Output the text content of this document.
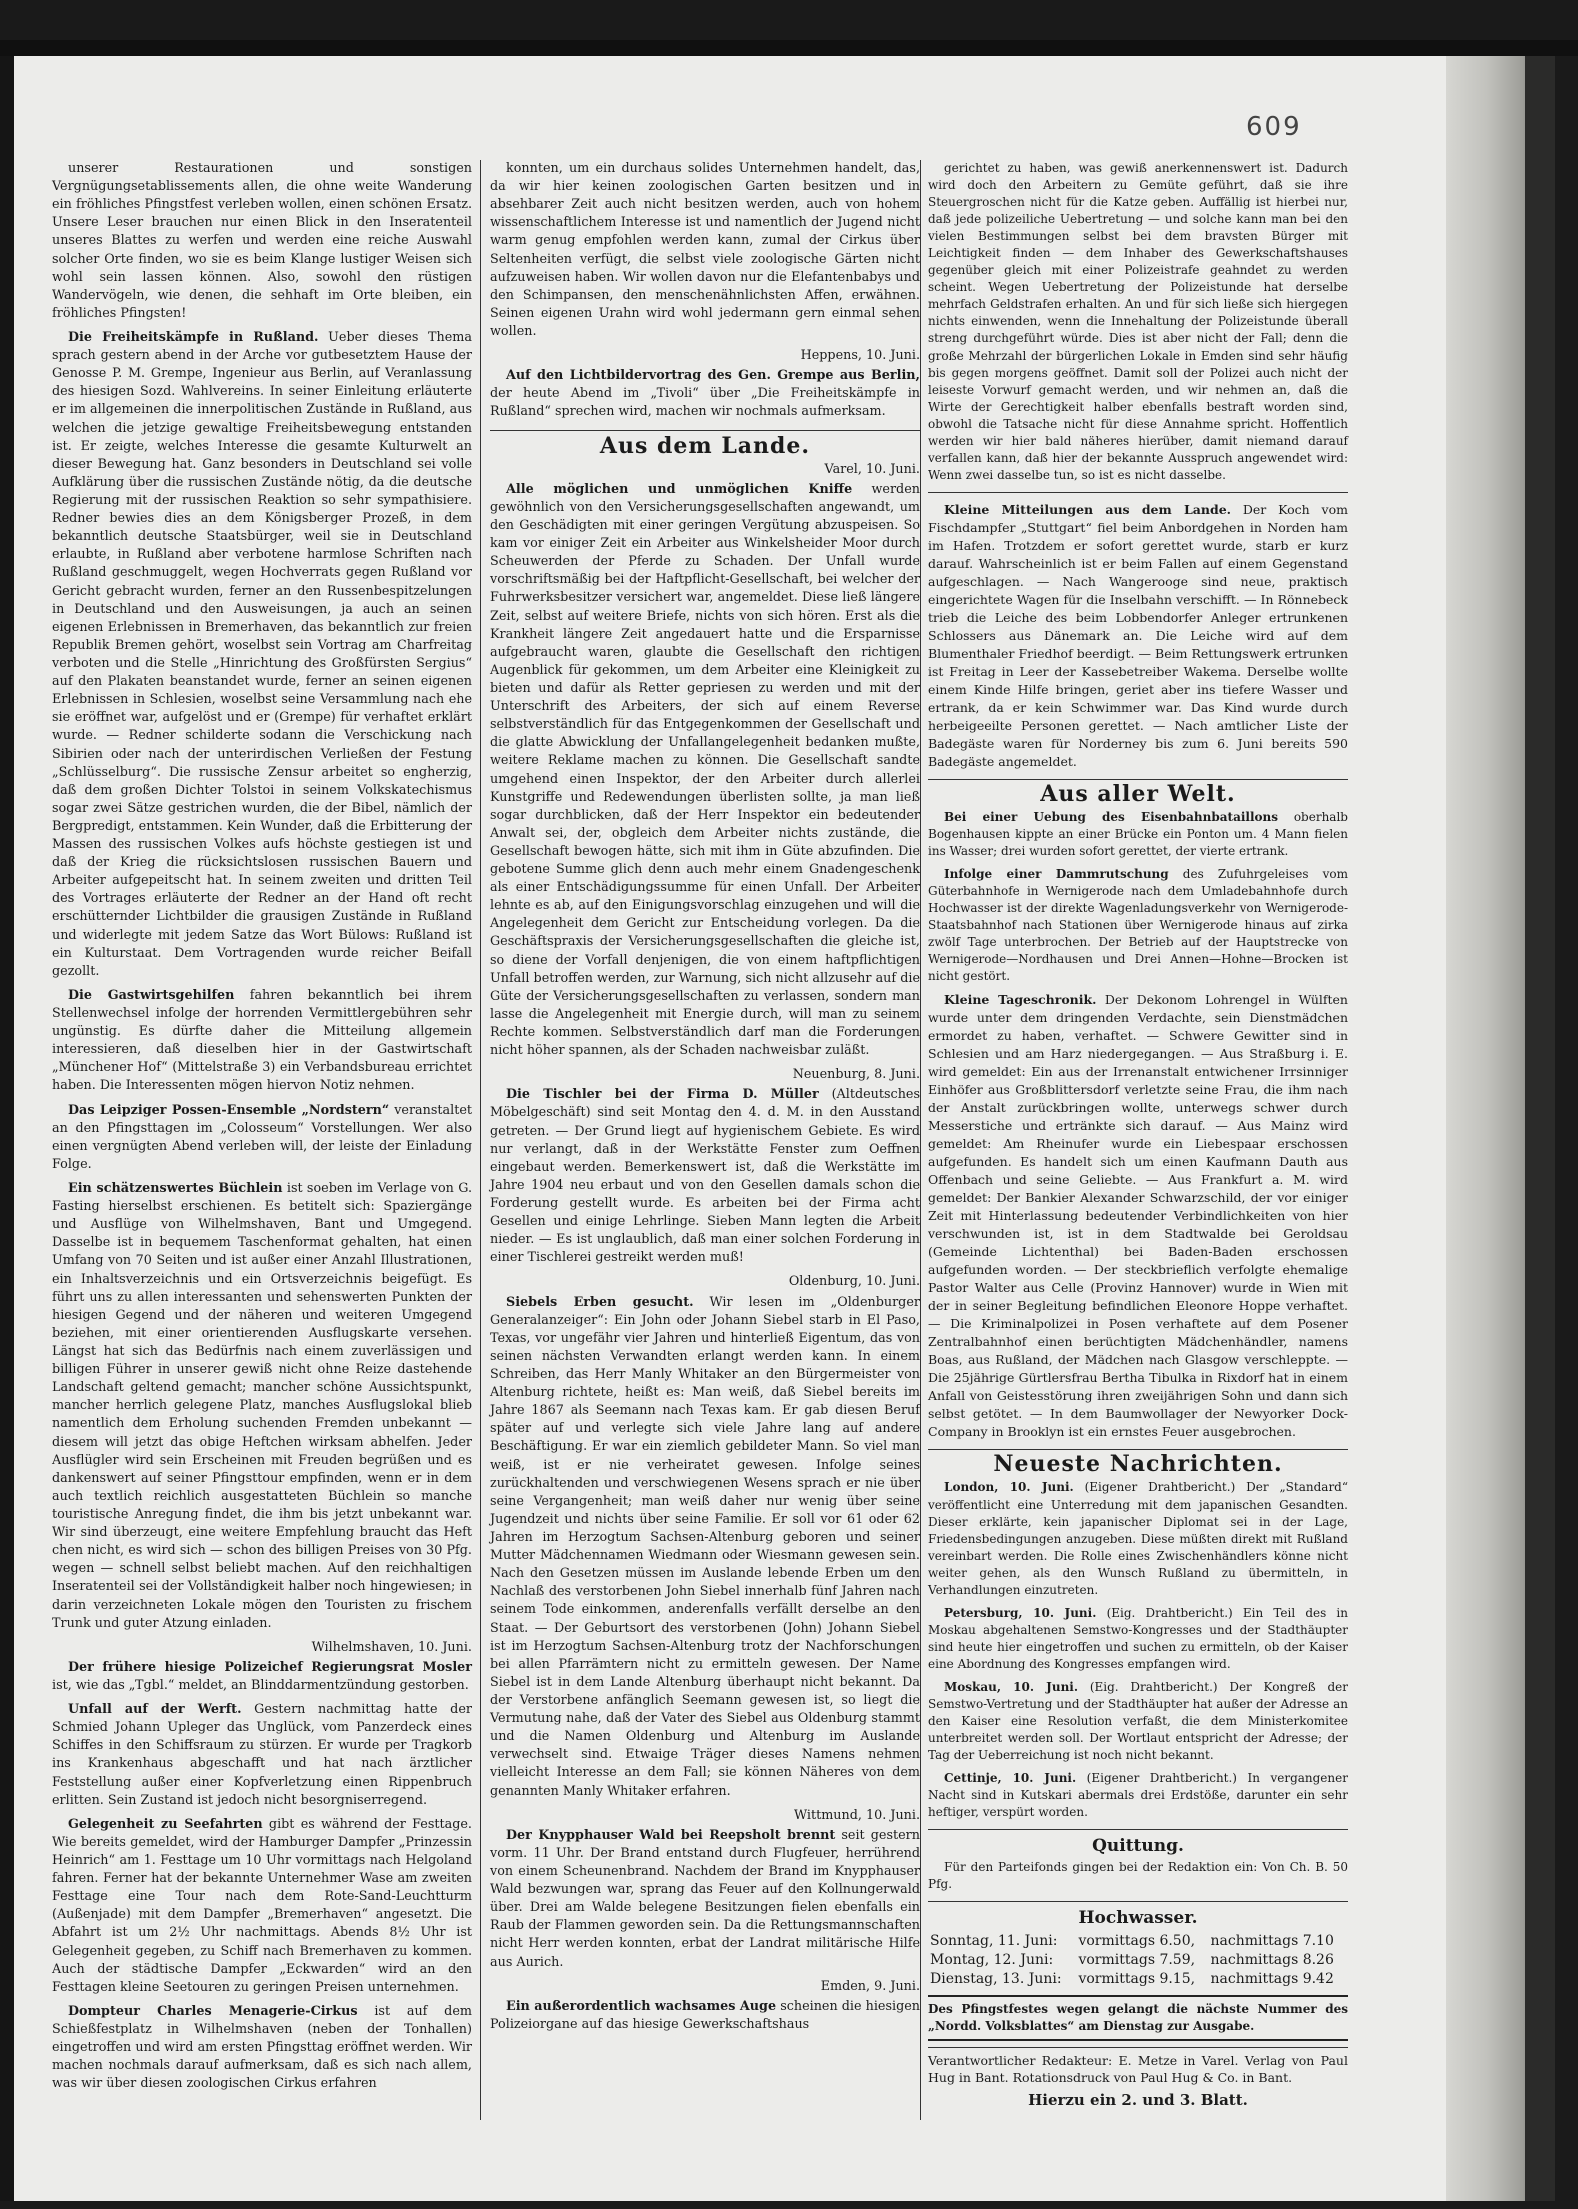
609

unserer Restaurationen und sonstigen Vergnügungsetablissements allen, die ohne weite Wanderung ein fröhliches Pfingstfest verleben wollen, einen schönen Ersatz. Unsere Leser brauchen nur einen Blick in den Inseratenteil unseres Blattes zu werfen und werden eine reiche Auswahl solcher Orte finden, wo sie es beim Klange lustiger Weisen sich wohl sein lassen können. Also, sowohl den rüstigen Wandervögeln, wie denen, die sehhaft im Orte bleiben, ein fröhliches Pfingsten!

Die Freiheitskämpfe in Rußland. Ueber dieses Thema sprach gestern abend in der Arche vor gutbesetztem Hause der Genosse P. M. Grempe, Ingenieur aus Berlin, auf Veranlassung des hiesigen Sozd. Wahlvereins. In seiner Einleitung erläuterte er im allgemeinen die innerpolitischen Zustände in Rußland, aus welchen die jetzige gewaltige Freiheitsbewegung entstanden ist. Er zeigte, welches Interesse die gesamte Kulturwelt an dieser Bewegung hat. Ganz besonders in Deutschland sei volle Aufklärung über die russischen Zustände nötig, da die deutsche Regierung mit der russischen Reaktion so sehr sympathisiere. Redner bewies dies an dem Königsberger Prozeß, in dem bekanntlich deutsche Staatsbürger, weil sie in Deutschland erlaubte, in Rußland aber verbotene harmlose Schriften nach Rußland geschmuggelt, wegen Hochverrats gegen Rußland vor Gericht gebracht wurden, ferner an den Russenbespitzelungen in Deutschland und den Ausweisungen, ja auch an seinen eigenen Erlebnissen in Bremerhaven, das bekanntlich zur freien Republik Bremen gehört, woselbst sein Vortrag am Charfreitag verboten und die Stelle „Hinrichtung des Großfürsten Sergius“ auf den Plakaten beanstandet wurde, ferner an seinen eigenen Erlebnissen in Schlesien, woselbst seine Versammlung nach ehe sie eröffnet war, aufgelöst und er (Grempe) für verhaftet erklärt wurde. — Redner schilderte sodann die Verschickung nach Sibirien oder nach der unterirdischen Verließen der Festung „Schlüsselburg“. Die russische Zensur arbeitet so engherzig, daß dem großen Dichter Tolstoi in seinem Volkskatechismus sogar zwei Sätze gestrichen wurden, die der Bibel, nämlich der Bergpredigt, entstammen. Kein Wunder, daß die Erbitterung der Massen des russischen Volkes aufs höchste gestiegen ist und daß der Krieg die rücksichtslosen russischen Bauern und Arbeiter aufgepeitscht hat. In seinem zweiten und dritten Teil des Vortrages erläuterte der Redner an der Hand oft recht erschütternder Lichtbilder die grausigen Zustände in Rußland und widerlegte mit jedem Satze das Wort Bülows: Rußland ist ein Kulturstaat. Dem Vortragenden wurde reicher Beifall gezollt.

Die Gastwirtsgehilfen fahren bekanntlich bei ihrem Stellenwechsel infolge der horrenden Vermittlergebühren sehr ungünstig. Es dürfte daher die Mitteilung allgemein interessieren, daß dieselben hier in der Gastwirtschaft „Münchener Hof“ (Mittelstraße 3) ein Verbandsbureau errichtet haben. Die Interessenten mögen hiervon Notiz nehmen.

Das Leipziger Possen-Ensemble „Nordstern“ veranstaltet an den Pfingsttagen im „Colosseum“ Vorstellungen. Wer also einen vergnügten Abend verleben will, der leiste der Einladung Folge.

Ein schätzenswertes Büchlein ist soeben im Verlage von G. Fasting hierselbst erschienen. Es betitelt sich: Spaziergänge und Ausflüge von Wilhelmshaven, Bant und Umgegend. Dasselbe ist in bequemem Taschenformat gehalten, hat einen Umfang von 70 Seiten und ist außer einer Anzahl Illustrationen, ein Inhaltsverzeichnis und ein Ortsverzeichnis beigefügt. Es führt uns zu allen interessanten und sehenswerten Punkten der hiesigen Gegend und der näheren und weiteren Umgegend beziehen, mit einer orientierenden Ausflugskarte versehen. Längst hat sich das Bedürfnis nach einem zuverlässigen und billigen Führer in unserer gewiß nicht ohne Reize dastehende Landschaft geltend gemacht; mancher schöne Aussichtspunkt, mancher herrlich gelegene Platz, manches Ausflugslokal blieb namentlich dem Erholung suchenden Fremden unbekannt — diesem will jetzt das obige Heftchen wirksam abhelfen. Jeder Ausflügler wird sein Erscheinen mit Freuden begrüßen und es dankenswert auf seiner Pfingsttour empfinden, wenn er in dem auch textlich reichlich ausgestatteten Büchlein so manche touristische Anregung findet, die ihm bis jetzt unbekannt war. Wir sind überzeugt, eine weitere Empfehlung braucht das Heft chen nicht, es wird sich — schon des billigen Preises von 30 Pfg. wegen — schnell selbst beliebt machen. Auf den reichhaltigen Inseratenteil sei der Vollständigkeit halber noch hingewiesen; in darin verzeichneten Lokale mögen den Touristen zu frischem Trunk und guter Atzung einladen.

Wilhelmshaven, 10. Juni.

Der frühere hiesige Polizeichef Regierungsrat Mosler ist, wie das „Tgbl.“ meldet, an Blinddarmentzündung gestorben.

Unfall auf der Werft. Gestern nachmittag hatte der Schmied Johann Upleger das Unglück, vom Panzerdeck eines Schiffes in den Schiffsraum zu stürzen. Er wurde per Tragkorb ins Krankenhaus abgeschafft und hat nach ärztlicher Feststellung außer einer Kopfverletzung einen Rippenbruch erlitten. Sein Zustand ist jedoch nicht besorgniserregend.

Gelegenheit zu Seefahrten gibt es während der Festtage. Wie bereits gemeldet, wird der Hamburger Dampfer „Prinzessin Heinrich“ am 1. Festtage um 10 Uhr vormittags nach Helgoland fahren. Ferner hat der bekannte Unternehmer Wase am zweiten Festtage eine Tour nach dem Rote-Sand-Leuchtturm (Außenjade) mit dem Dampfer „Bremerhaven“ angesetzt. Die Abfahrt ist um 2½ Uhr nachmittags. Abends 8½ Uhr ist Gelegenheit gegeben, zu Schiff nach Bremerhaven zu kommen. Auch der städtische Dampfer „Eckwarden“ wird an den Festtagen kleine Seetouren zu geringen Preisen unternehmen.

Dompteur Charles Menagerie-Cirkus ist auf dem Schießfestplatz in Wilhelmshaven (neben der Tonhallen) eingetroffen und wird am ersten Pfingsttag eröffnet werden. Wir machen nochmals darauf aufmerksam, daß es sich nach allem, was wir über diesen zoologischen Cirkus erfahren

konnten, um ein durchaus solides Unternehmen handelt, das, da wir hier keinen zoologischen Garten besitzen und in absehbarer Zeit auch nicht besitzen werden, auch von hohem wissenschaftlichem Interesse ist und namentlich der Jugend nicht warm genug empfohlen werden kann, zumal der Cirkus über Seltenheiten verfügt, die selbst viele zoologische Gärten nicht aufzuweisen haben. Wir wollen davon nur die Elefantenbabys und den Schimpansen, den menschenähnlichsten Affen, erwähnen. Seinen eigenen Urahn wird wohl jedermann gern einmal sehen wollen.

Heppens, 10. Juni.

Auf den Lichtbildervortrag des Gen. Grempe aus Berlin, der heute Abend im „Tivoli“ über „Die Freiheitskämpfe in Rußland“ sprechen wird, machen wir nochmals aufmerksam.

Aus dem Lande.

Varel, 10. Juni.

Alle möglichen und unmöglichen Kniffe werden gewöhnlich von den Versicherungsgesellschaften angewandt, um den Geschädigten mit einer geringen Vergütung abzuspeisen. So kam vor einiger Zeit ein Arbeiter aus Winkelsheider Moor durch Scheuwerden der Pferde zu Schaden. Der Unfall wurde vorschriftsmäßig bei der Haftpflicht-Gesellschaft, bei welcher der Fuhrwerksbesitzer versichert war, angemeldet. Diese ließ längere Zeit, selbst auf weitere Briefe, nichts von sich hören. Erst als die Krankheit längere Zeit angedauert hatte und die Ersparnisse aufgebraucht waren, glaubte die Gesellschaft den richtigen Augenblick für gekommen, um dem Arbeiter eine Kleinigkeit zu bieten und dafür als Retter gepriesen zu werden und mit der Unterschrift des Arbeiters, der sich auf einem Reverse selbstverständlich für das Entgegenkommen der Gesellschaft und die glatte Abwicklung der Unfallangelegenheit bedanken mußte, weitere Reklame machen zu können. Die Gesellschaft sandte umgehend einen Inspektor, der den Arbeiter durch allerlei Kunstgriffe und Redewendungen überlisten sollte, ja man ließ sogar durchblicken, daß der Herr Inspektor ein bedeutender Anwalt sei, der, obgleich dem Arbeiter nichts zuständе, die Gesellschaft bewogen hätte, sich mit ihm in Güte abzufinden. Die gebotene Summe glich denn auch mehr einem Gnadengeschenk als einer Entschädigungssumme für einen Unfall. Der Arbeiter lehnte es ab, auf den Einigungsvorschlag einzugehen und will die Angelegenheit dem Gericht zur Entscheidung vorlegen. Da die Geschäftspraxis der Versicherungsgesellschaften die gleiche ist, so diene der Vorfall denjenigen, die von einem haftpflichtigen Unfall betroffen werden, zur Warnung, sich nicht allzusehr auf die Güte der Versicherungsgesellschaften zu verlassen, sondern man lasse die Angelegenheit mit Energie durch, will man zu seinem Rechte kommen. Selbstverständlich darf man die Forderungen nicht höher spannen, als der Schaden nachweisbar zuläßt.

Neuenburg, 8. Juni.

Die Tischler bei der Firma D. Müller (Altdeutsches Möbelgeschäft) sind seit Montag den 4. d. M. in den Ausstand getreten. — Der Grund liegt auf hygienischem Gebiete. Es wird nur verlangt, daß in der Werkstätte Fenster zum Oeffnen eingebaut werden. Bemerkenswert ist, daß die Werkstätte im Jahre 1904 neu erbaut und von den Gesellen damals schon die Forderung gestellt wurde. Es arbeiten bei der Firma acht Gesellen und einige Lehrlinge. Sieben Mann legten die Arbeit nieder. — Es ist unglaublich, daß man einer solchen Forderung in einer Tischlerei gestreikt werden muß!

Oldenburg, 10. Juni.

Siebels Erben gesucht. Wir lesen im „Oldenburger Generalanzeiger“: Ein John oder Johann Siebel starb in El Paso, Texas, vor ungefähr vier Jahren und hinterließ Eigentum, das von seinen nächsten Verwandten erlangt werden kann. In einem Schreiben, das Herr Manly Whitaker an den Bürgermeister von Altenburg richtete, heißt es: Man weiß, daß Siebel bereits im Jahre 1867 als Seemann nach Texas kam. Er gab diesen Beruf später auf und verlegte sich viele Jahre lang auf andere Beschäftigung. Er war ein ziemlich gebildeter Mann. So viel man weiß, ist er nie verheiratet gewesen. Infolge seines zurückhaltenden und verschwiegenen Wesens sprach er nie über seine Vergangenheit; man weiß daher nur wenig über seine Jugendzeit und nichts über seine Familie. Er soll vor 61 oder 62 Jahren im Herzogtum Sachsen-Altenburg geboren und seiner Mutter Mädchennamen Wiedmann oder Wiesmann gewesen sein. Nach den Gesetzen müssen im Auslande lebende Erben um den Nachlaß des verstorbenen John Siebel innerhalb fünf Jahren nach seinem Tode einkommen, anderenfalls verfällt derselbe an den Staat. — Der Geburtsort des verstorbenen (John) Johann Siebel ist im Herzogtum Sachsen-Altenburg trotz der Nachforschungen bei allen Pfarrämtern nicht zu ermitteln gewesen. Der Name Siebel ist in dem Lande Altenburg überhaupt nicht bekannt. Da der Verstorbene anfänglich Seemann gewesen ist, so liegt die Vermutung nahe, daß der Vater des Siebel aus Oldenburg stammt und die Namen Oldenburg und Altenburg im Auslande verwechselt sind. Etwaige Träger dieses Namens nehmen vielleicht Interesse an dem Fall; sie können Näheres von dem genannten Manly Whitaker erfahren.

Wittmund, 10. Juni.

Der Knypphauser Wald bei Reepsholt brennt seit gestern vorm. 11 Uhr. Der Brand entstand durch Flugfeuer, herrührend von einem Scheunenbrand. Nachdem der Brand im Knypphauser Wald bezwungen war, sprang das Feuer auf den Kollnungerwald über. Drei am Walde belegene Besitzungen fielen ebenfalls ein Raub der Flammen geworden sein. Da die Rettungsmannschaften nicht Herr werden konnten, erbat der Landrat militärische Hilfe aus Aurich.

Emden, 9. Juni.

Ein außerordentlich wachsames Auge scheinen die hiesigen Polizeiorgane auf das hiesige Gewerkschaftshaus

gerichtet zu haben, was gewiß anerkennenswert ist. Dadurch wird doch den Arbeitern zu Gemüte geführt, daß sie ihre Steuergroschen nicht für die Katze geben. Auffällig ist hierbei nur, daß jede polizeiliche Uebertretung — und solche kann man bei den vielen Bestimmungen selbst bei dem bravsten Bürger mit Leichtigkeit finden — dem Inhaber des Gewerkschaftshauses gegenüber gleich mit einer Polizeistrafe geahndet zu werden scheint. Wegen Uebertretung der Polizeistunde hat derselbe mehrfach Geldstrafen erhalten. An und für sich ließe sich hiergegen nichts einwenden, wenn die Innehaltung der Polizeistunde überall streng durchgeführt würde. Dies ist aber nicht der Fall; denn die große Mehrzahl der bürgerlichen Lokale in Emden sind sehr häufig bis gegen morgens geöffnet. Damit soll der Polizei auch nicht der leiseste Vorwurf gemacht werden, und wir nehmen an, daß die Wirte der Gerechtigkeit halber ebenfalls bestraft worden sind, obwohl die Tatsache nicht für diese Annahme spricht. Hoffentlich werden wir hier bald näheres hierüber, damit niemand darauf verfallen kann, daß hier der bekannte Ausspruch angewendet wird: Wenn zwei dasselbe tun, so ist es nicht dasselbe.

Kleine Mitteilungen aus dem Lande. Der Koch vom Fischdampfer „Stuttgart“ fiel beim Anbordgehen in Norden ham im Hafen. Trotzdem er sofort gerettet wurde, starb er kurz darauf. Wahrscheinlich ist er beim Fallen auf einem Gegenstand aufgeschlagen. — Nach Wangerooge sind neue, praktisch eingerichtete Wagen für die Inselbahn verschifft. — In Rönnebeck trieb die Leiche des beim Lobbendorfer Anleger ertrunkenen Schlossers aus Dänemark an. Die Leiche wird auf dem Blumenthaler Friedhof beerdigt. — Beim Rettungswerk ertrunken ist Freitag in Leer der Kassebetreiber Wakema. Derselbe wollte einem Kinde Hilfe bringen, geriet aber ins tiefere Wasser und ertrank, da er kein Schwimmer war. Das Kind wurde durch herbeigeeilte Personen gerettet. — Nach amtlicher Liste der Badegäste waren für Norderney bis zum 6. Juni bereits 590 Badegäste angemeldet.

Aus aller Welt.

Bei einer Uebung des Eisenbahnbataillons oberhalb Bogenhausen kippte an einer Brücke ein Ponton um. 4 Mann fielen ins Wasser; drei wurden sofort gerettet, der vierte ertrank.

Infolge einer Dammrutschung des Zufuhrgeleises vom Güterbahnhofe in Wernigerode nach dem Umladebahnhofe durch Hochwasser ist der direkte Wagenladungsverkehr von Wernigerode-Staatsbahnhof nach Stationen über Wernigerode hinaus auf zirka zwölf Tage unterbrochen. Der Betrieb auf der Hauptstrecke von Wernigerode—Nordhausen und Drei Annen—Hohne—Brocken ist nicht gestört.

Kleine Tageschronik. Der Dekonom Lohrengel in Wülften wurde unter dem dringenden Verdachte, sein Dienstmädchen ermordet zu haben, verhaftet. — Schwere Gewitter sind in Schlesien und am Harz niedergegangen. — Aus Straßburg i. E. wird gemeldet: Ein aus der Irrenanstalt entwichener Irrsinniger Einhöfer aus Großblittersdorf verletzte seine Frau, die ihm nach der Anstalt zurückbringen wollte, unterwegs schwer durch Messerstiche und ertränkte sich darauf. — Aus Mainz wird gemeldet: Am Rheinufer wurde ein Liebespaar erschossen aufgefunden. Es handelt sich um einen Kaufmann Dauth aus Offenbach und seine Geliebte. — Aus Frankfurt a. M. wird gemeldet: Der Bankier Alexander Schwarzschild, der vor einiger Zeit mit Hinterlassung bedeutender Verbindlichkeiten von hier verschwunden ist, ist in dem Stadtwalde bei Geroldsau (Gemeinde Lichtenthal) bei Baden-Baden erschossen aufgefunden worden. — Der steckbrieflich verfolgte ehemalige Pastor Walter aus Celle (Provinz Hannover) wurde in Wien mit der in seiner Begleitung befindlichen Eleonore Hoppe verhaftet. — Die Kriminalpolizei in Posen verhaftete auf dem Posener Zentralbahnhof einen berüchtigten Mädchenhändler, namens Boas, aus Rußland, der Mädchen nach Glasgow verschleppte. — Die 25jährige Gürtlersfrau Bertha Tibulka in Rixdorf hat in einem Anfall von Geistesstörung ihren zweijährigen Sohn und dann sich selbst getötet. — In dem Baumwollager der Newyorker Dock-Company in Brooklyn ist ein ernstes Feuer ausgebrochen.

Neueste Nachrichten.

London, 10. Juni. (Eigener Drahtbericht.) Der „Standard“ veröffentlicht eine Unterredung mit dem japanischen Gesandten. Dieser erklärte, kein japanischer Diplomat sei in der Lage, Friedensbedingungen anzugeben. Diese müßten direkt mit Rußland vereinbart werden. Die Rolle eines Zwischenhändlers könne nicht weiter gehen, als den Wunsch Rußland zu übermitteln, in Verhandlungen einzutreten.

Petersburg, 10. Juni. (Eig. Drahtbericht.) Ein Teil des in Moskau abgehaltenen Semstwo-Kongresses und der Stadthäupter sind heute hier eingetroffen und suchen zu ermitteln, ob der Kaiser eine Abordnung des Kongresses empfangen wird.

Moskau, 10. Juni. (Eig. Drahtbericht.) Der Kongreß der Semstwo-Vertretung und der Stadthäupter hat außer der Adresse an den Kaiser eine Resolution verfaßt, die dem Ministerkomitee unterbreitet werden soll. Der Wortlaut entspricht der Adresse; der Tag der Ueberreichung ist noch nicht bekannt.

Cettinje, 10. Juni. (Eigener Drahtbericht.) In vergangener Nacht sind in Kutskari abermals drei Erdstöße, darunter ein sehr heftiger, verspürt worden.

Quittung.

Für den Parteifonds gingen bei der Redaktion ein: Von Ch. B. 50 Pfg.

Hochwasser.
Sonntag, 11. Juni:	vormittags 6.50,	nachmittags 7.10
Montag, 12. Juni:	vormittags 7.59,	nachmittags 8.26
Dienstag, 13. Juni:	vormittags 9.15,	nachmittags 9.42
Des Pfingstfestes wegen gelangt die nächste Nummer des „Nordd. Volksblattes“ am Dienstag zur Ausgabe.
Verantwortlicher Redakteur: E. Metze in Varel. Verlag von Paul Hug in Bant. Rotationsdruck von Paul Hug & Co. in Bant.
Hierzu ein 2. und 3. Blatt.
